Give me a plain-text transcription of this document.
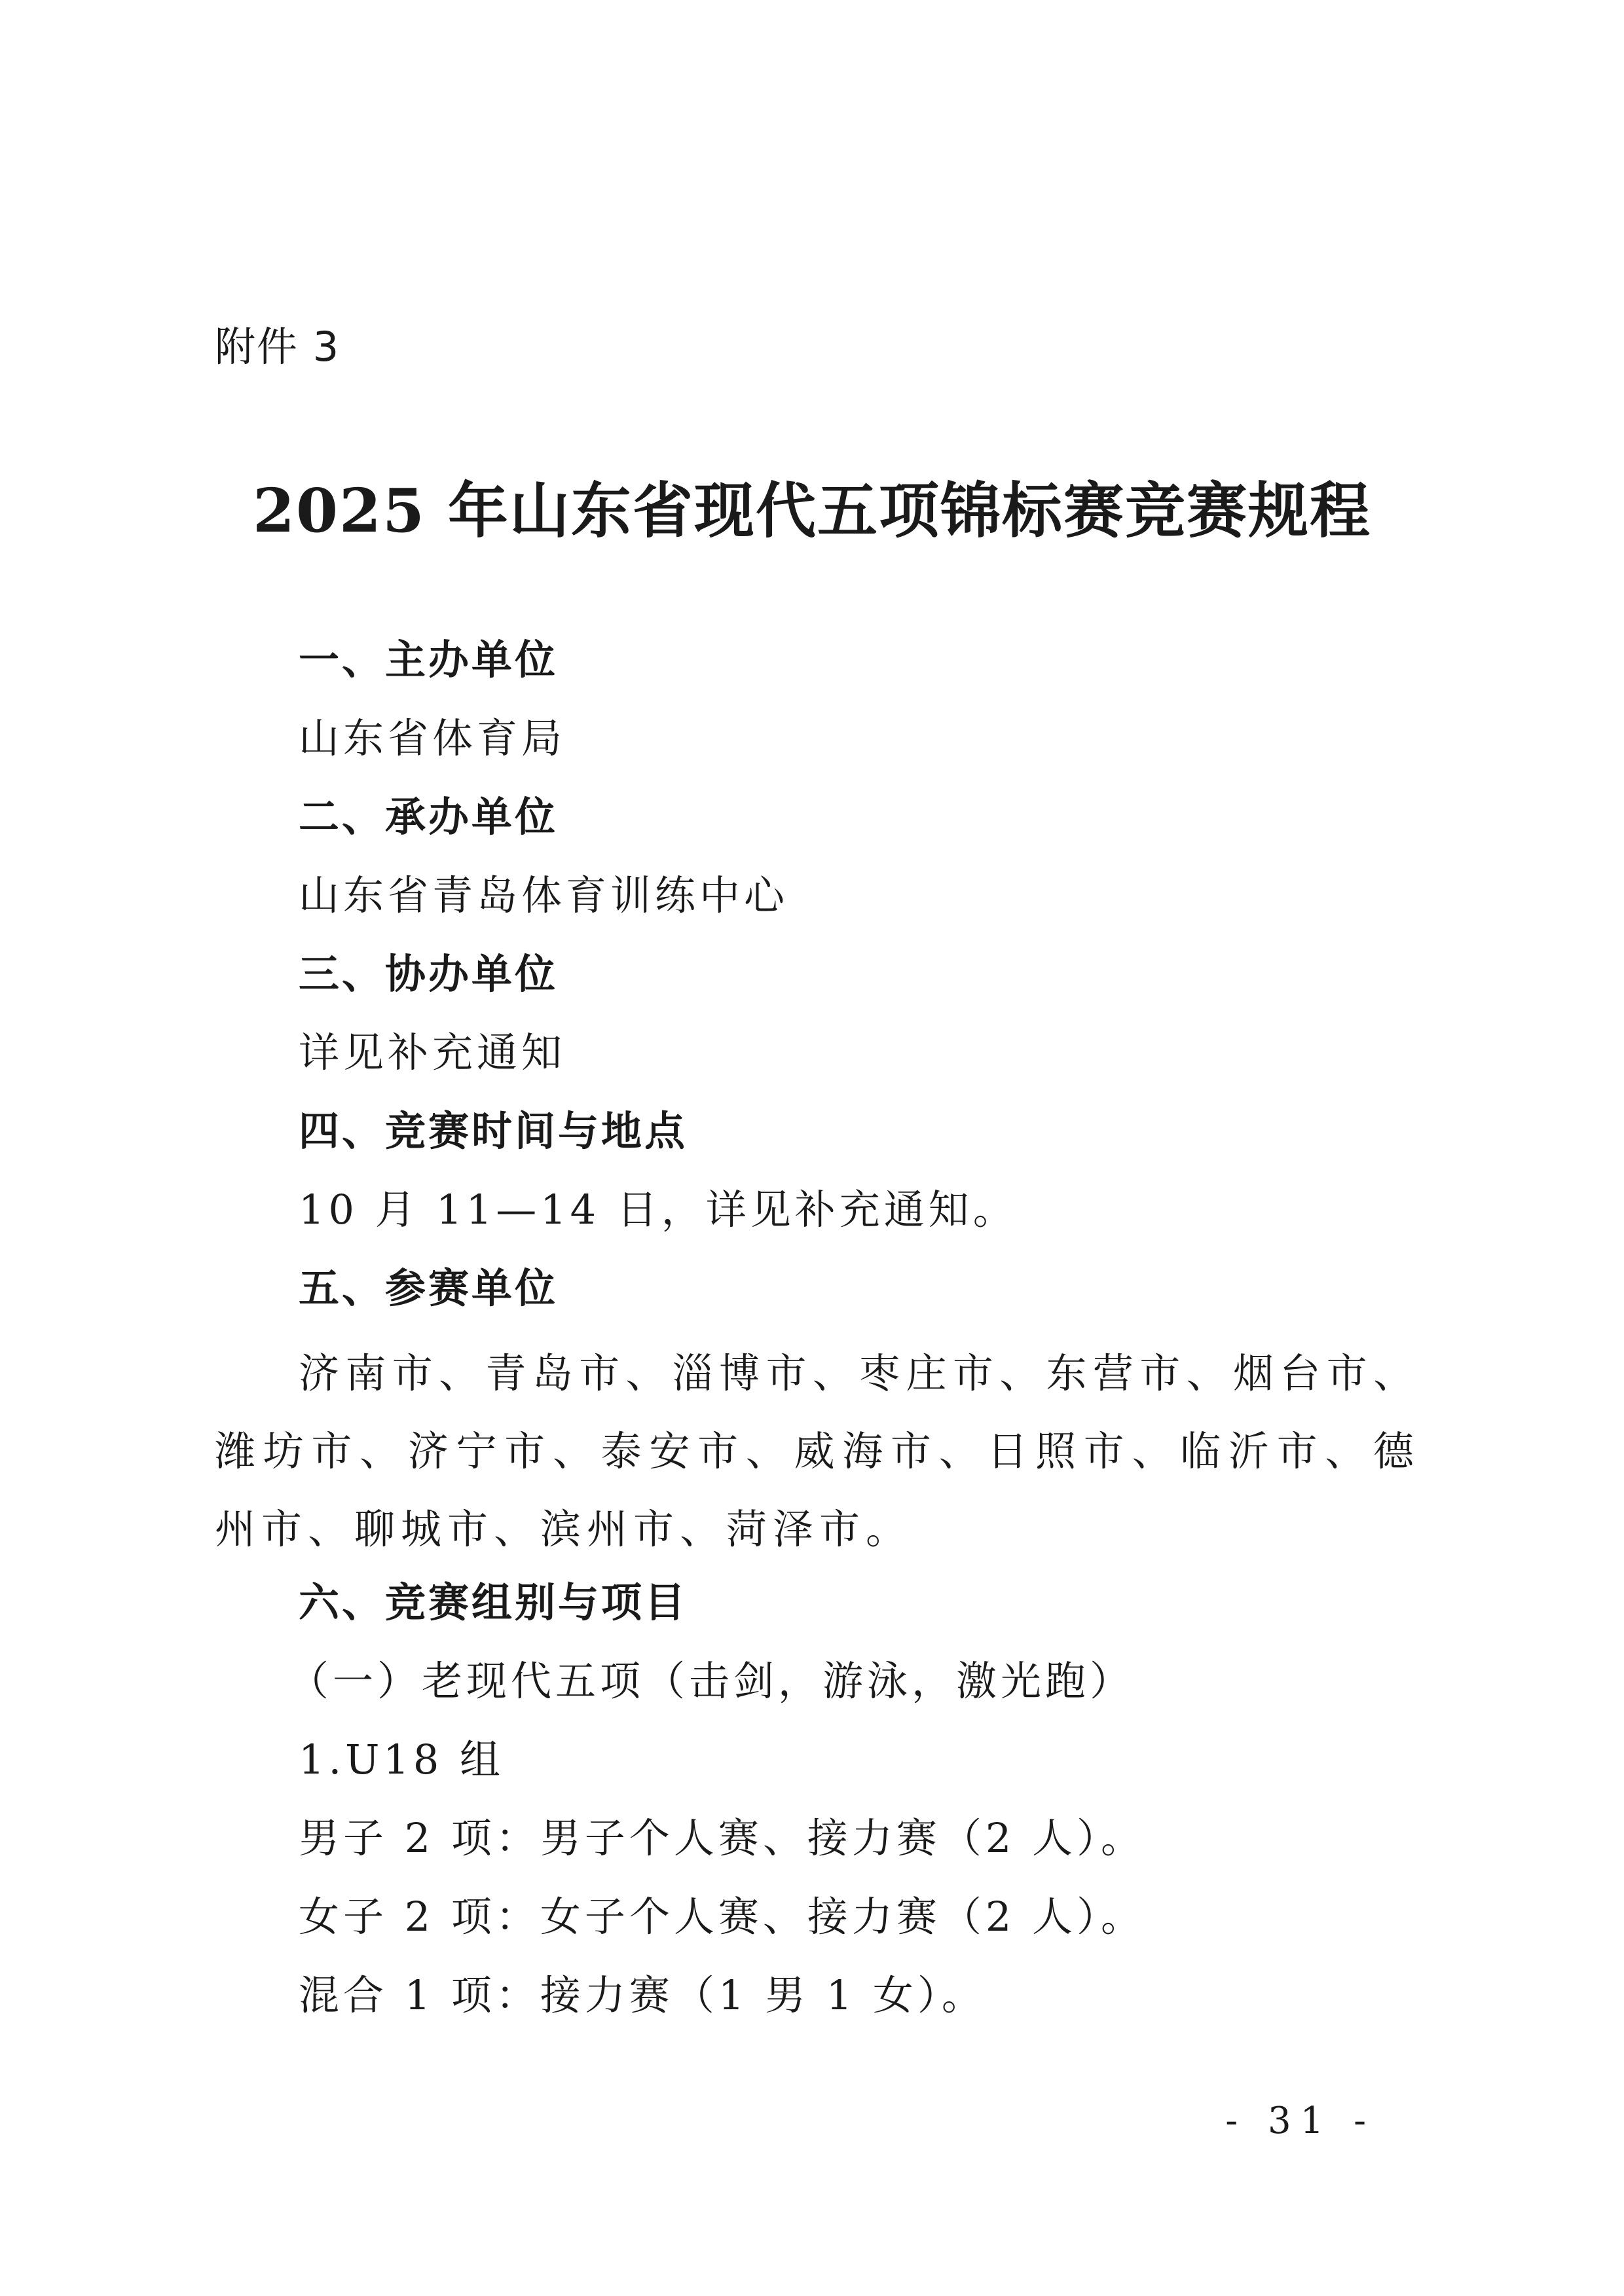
附件 3
2025 年山东省现代五项锦标赛竞赛规程
一、主办单位
山东省体育局
二、承办单位
山东省青岛体育训练中心
三、协办单位
详见补充通知
四、竞赛时间与地点
10 月 11—14 日，详见补充通知。
五、参赛单位
济南市、青岛市、淄博市、枣庄市、东营市、烟台市、潍坊市、济宁市、泰安市、威海市、日照市、临沂市、德州市、聊城市、滨州市、菏泽市。
六、竞赛组别与项目
（一）老现代五项（击剑，游泳，激光跑）
1.U18 组
男子 2 项：男子个人赛、接力赛（2 人）。
女子 2 项：女子个人赛、接力赛（2 人）。
混合 1 项：接力赛（1 男 1 女）。
- 31 -
